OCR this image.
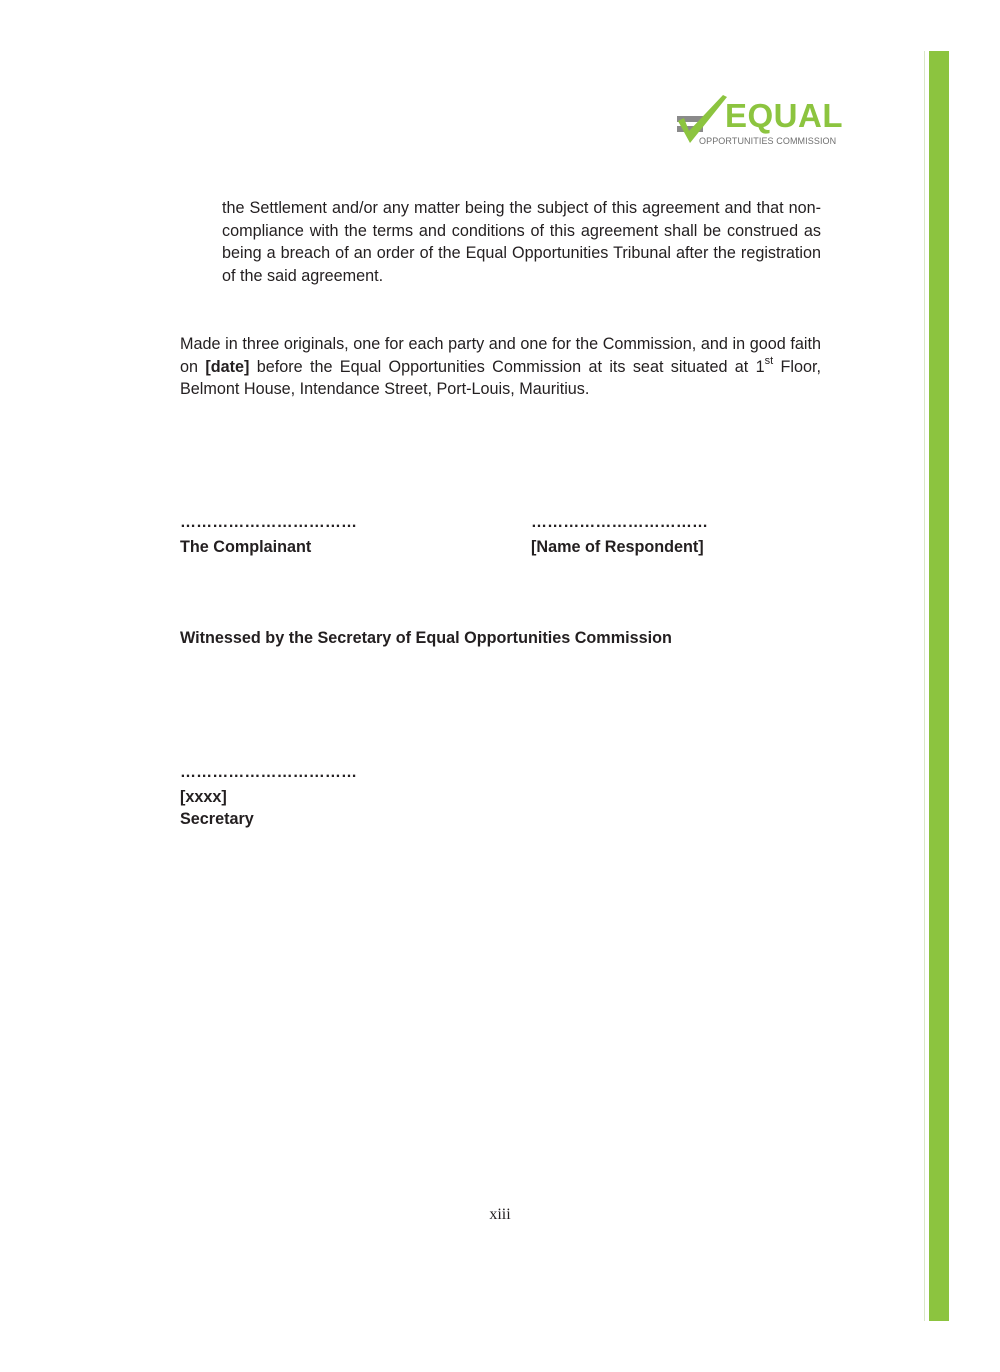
EQUAL
OPPORTUNITIES COMMISSION

the Settlement and/or any matter being the subject of this agreement and that non-compliance with the terms and conditions of this agreement shall be construed as being a breach of an order of the Equal Opportunities Tribunal after the registration of the said agreement.

Made in three originals, one for each party and one for the Commission, and in good faith on [date] before the Equal Opportunities Commission at its seat situated at 1st Floor, Belmont House, Intendance Street, Port-Louis, Mauritius.

……………………………
The Complainant
……………………………
[Name of Respondent]
Witnessed by the Secretary of Equal Opportunities Commission
……………………………
[xxxx]
Secretary
xiii
